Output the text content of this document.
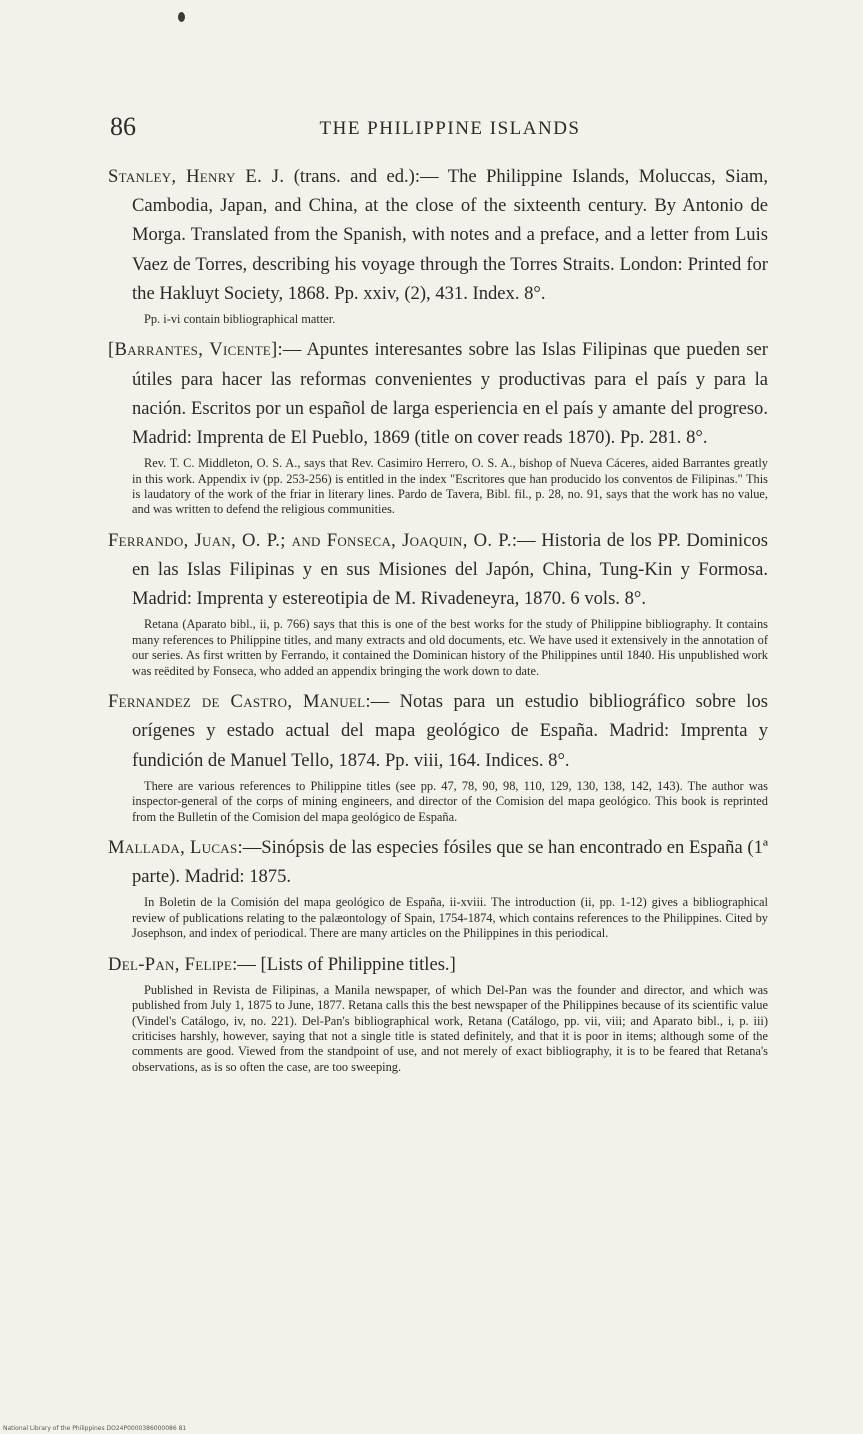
86	THE PHILIPPINE ISLANDS

Stanley, Henry E. J. (trans. and ed.):— The Philippine Islands, Moluccas, Siam, Cambodia, Japan, and China, at the close of the sixteenth century. By Antonio de Morga. Translated from the Spanish, with notes and a preface, and a letter from Luis Vaez de Torres, describing his voyage through the Torres Straits. London: Printed for the Hakluyt Society, 1868. Pp. xxiv, (2), 431. Index. 8°.

Pp. i-vi contain bibliographical matter.

[Barrantes, Vicente]:— Apuntes interesantes sobre las Islas Filipinas que pueden ser útiles para hacer las reformas convenientes y productivas para el país y para la nación. Escritos por un español de larga esperiencia en el país y amante del progreso. Madrid: Imprenta de El Pueblo, 1869 (title on cover reads 1870). Pp. 281. 8°.

Rev. T. C. Middleton, O. S. A., says that Rev. Casimiro Herrero, O. S. A., bishop of Nueva Cáceres, aided Barrantes greatly in this work. Appendix iv (pp. 253-256) is entitled in the index "Escritores que han producido los conventos de Filipinas." This is laudatory of the work of the friar in literary lines. Pardo de Tavera, Bibl. fil., p. 28, no. 91, says that the work has no value, and was written to defend the religious communities.

Ferrando, Juan, O. P.; and Fonseca, Joaquin, O. P.:— Historia de los PP. Dominicos en las Islas Filipinas y en sus Misiones del Japón, China, Tung-Kin y Formosa. Madrid: Imprenta y estereotipia de M. Rivadeneyra, 1870. 6 vols. 8°.

Retana (Aparato bibl., ii, p. 766) says that this is one of the best works for the study of Philippine bibliography. It contains many references to Philippine titles, and many extracts and old documents, etc. We have used it extensively in the annotation of our series. As first written by Ferrando, it contained the Dominican history of the Philippines until 1840. His unpublished work was reëdited by Fonseca, who added an appendix bringing the work down to date.

Fernandez de Castro, Manuel:— Notas para un estudio bibliográfico sobre los orígenes y estado actual del mapa geológico de España. Madrid: Imprenta y fundición de Manuel Tello, 1874. Pp. viii, 164. Indices. 8°.

There are various references to Philippine titles (see pp. 47, 78, 90, 98, 110, 129, 130, 138, 142, 143). The author was inspector-general of the corps of mining engineers, and director of the Comision del mapa geológico. This book is reprinted from the Bulletin of the Comision del mapa geológico de España.

Mallada, Lucas:—Sinópsis de las especies fósiles que se han encontrado en España (1ª parte). Madrid: 1875.

In Boletin de la Comisión del mapa geológico de España, ii-xviii. The introduction (ii, pp. 1-12) gives a bibliographical review of publications relating to the palæontology of Spain, 1754-1874, which contains references to the Philippines. Cited by Josephson, and index of periodical. There are many articles on the Philippines in this periodical.

Del-Pan, Felipe:— [Lists of Philippine titles.]

Published in Revista de Filipinas, a Manila newspaper, of which Del-Pan was the founder and director, and which was published from July 1, 1875 to June, 1877. Retana calls this the best newspaper of the Philippines because of its scientific value (Vindel's Catálogo, iv, no. 221). Del-Pan's bibliographical work, Retana (Catálogo, pp. vii, viii; and Aparato bibl., i, p. iii) criticises harshly, however, saying that not a single title is stated definitely, and that it is poor in items; although some of the comments are good. Viewed from the standpoint of use, and not merely of exact bibliography, it is to be feared that Retana's observations, as is so often the case, are too sweeping.

National Library of the Philippines DO24P0000386000086 81
